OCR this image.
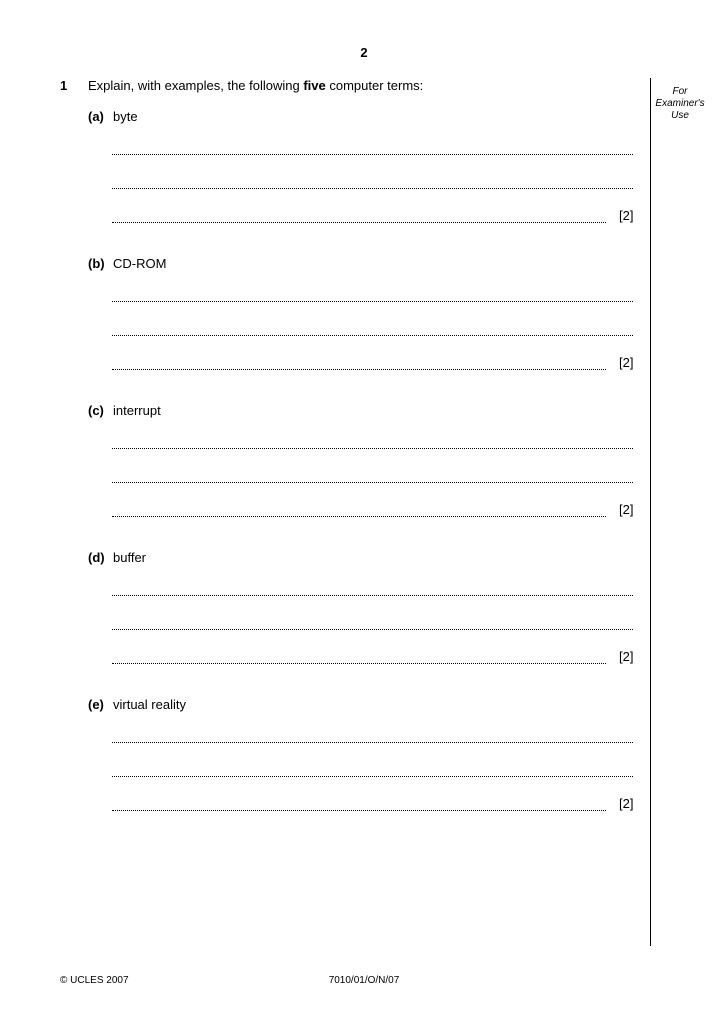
2
1 Explain, with examples, the following five computer terms:	For
Examiner's
Use
(a) byte
[2]
(b) CD-ROM
[2]
(c) interrupt
[2]
(d) buffer
[2]
(e) virtual reality
[2]
© UCLES 2007	7010/01/O/N/07
